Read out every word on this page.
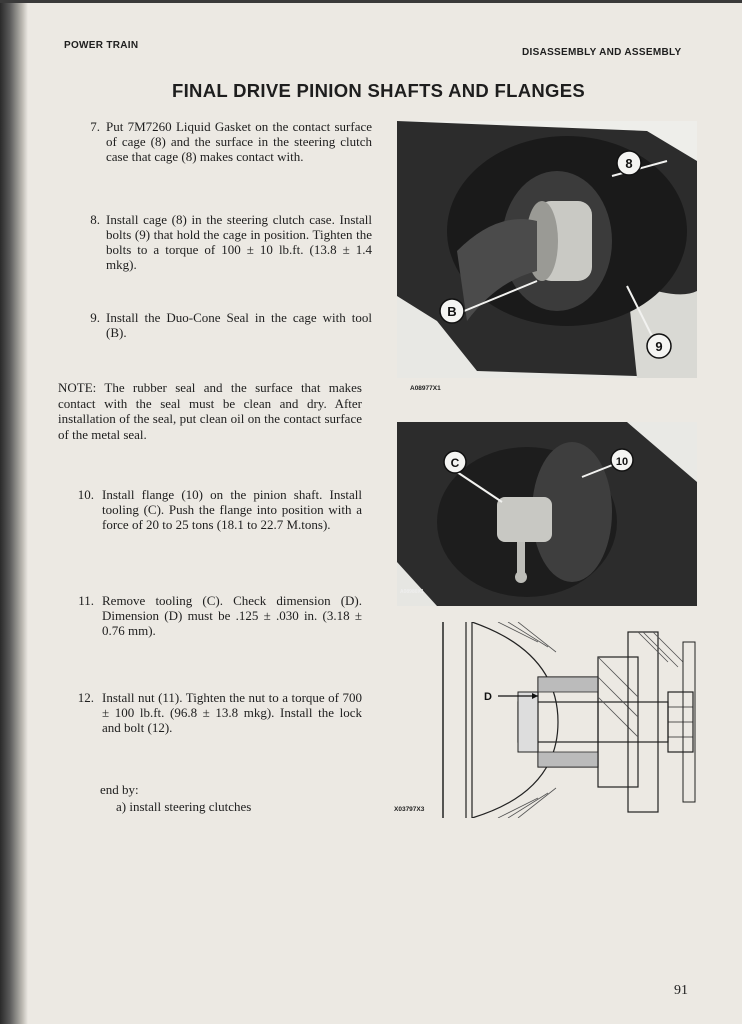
POWER TRAIN
DISASSEMBLY AND ASSEMBLY
FINAL DRIVE PINION SHAFTS AND FLANGES
7. Put 7M7260 Liquid Gasket on the contact surface of cage (8) and the surface in the steering clutch case that cage (8) makes contact with.
8. Install cage (8) in the steering clutch case. Install bolts (9) that hold the cage in position. Tighten the bolts to a torque of 100 ± 10 lb.ft. (13.8 ± 1.4 mkg).
9. Install the Duo-Cone Seal in the cage with tool (B).
NOTE: The rubber seal and the surface that makes contact with the seal must be clean and dry. After installation of the seal, put clean oil on the contact surface of the metal seal.
10. Install flange (10) on the pinion shaft. Install tooling (C). Push the flange into position with a force of 20 to 25 tons (18.1 to 22.7 M.tons).
11. Remove tooling (C). Check dimension (D). Dimension (D) must be .125 ± .030 in. (3.18 ± 0.76 mm).
12. Install nut (11). Tighten the nut to a torque of 700 ± 100 lb.ft. (96.8 ± 13.8 mkg). Install the lock and bolt (12).
end by:
a) install steering clutches
8
B
9
A08977X1
C	10
A08980X1
D
X03797X3
91
